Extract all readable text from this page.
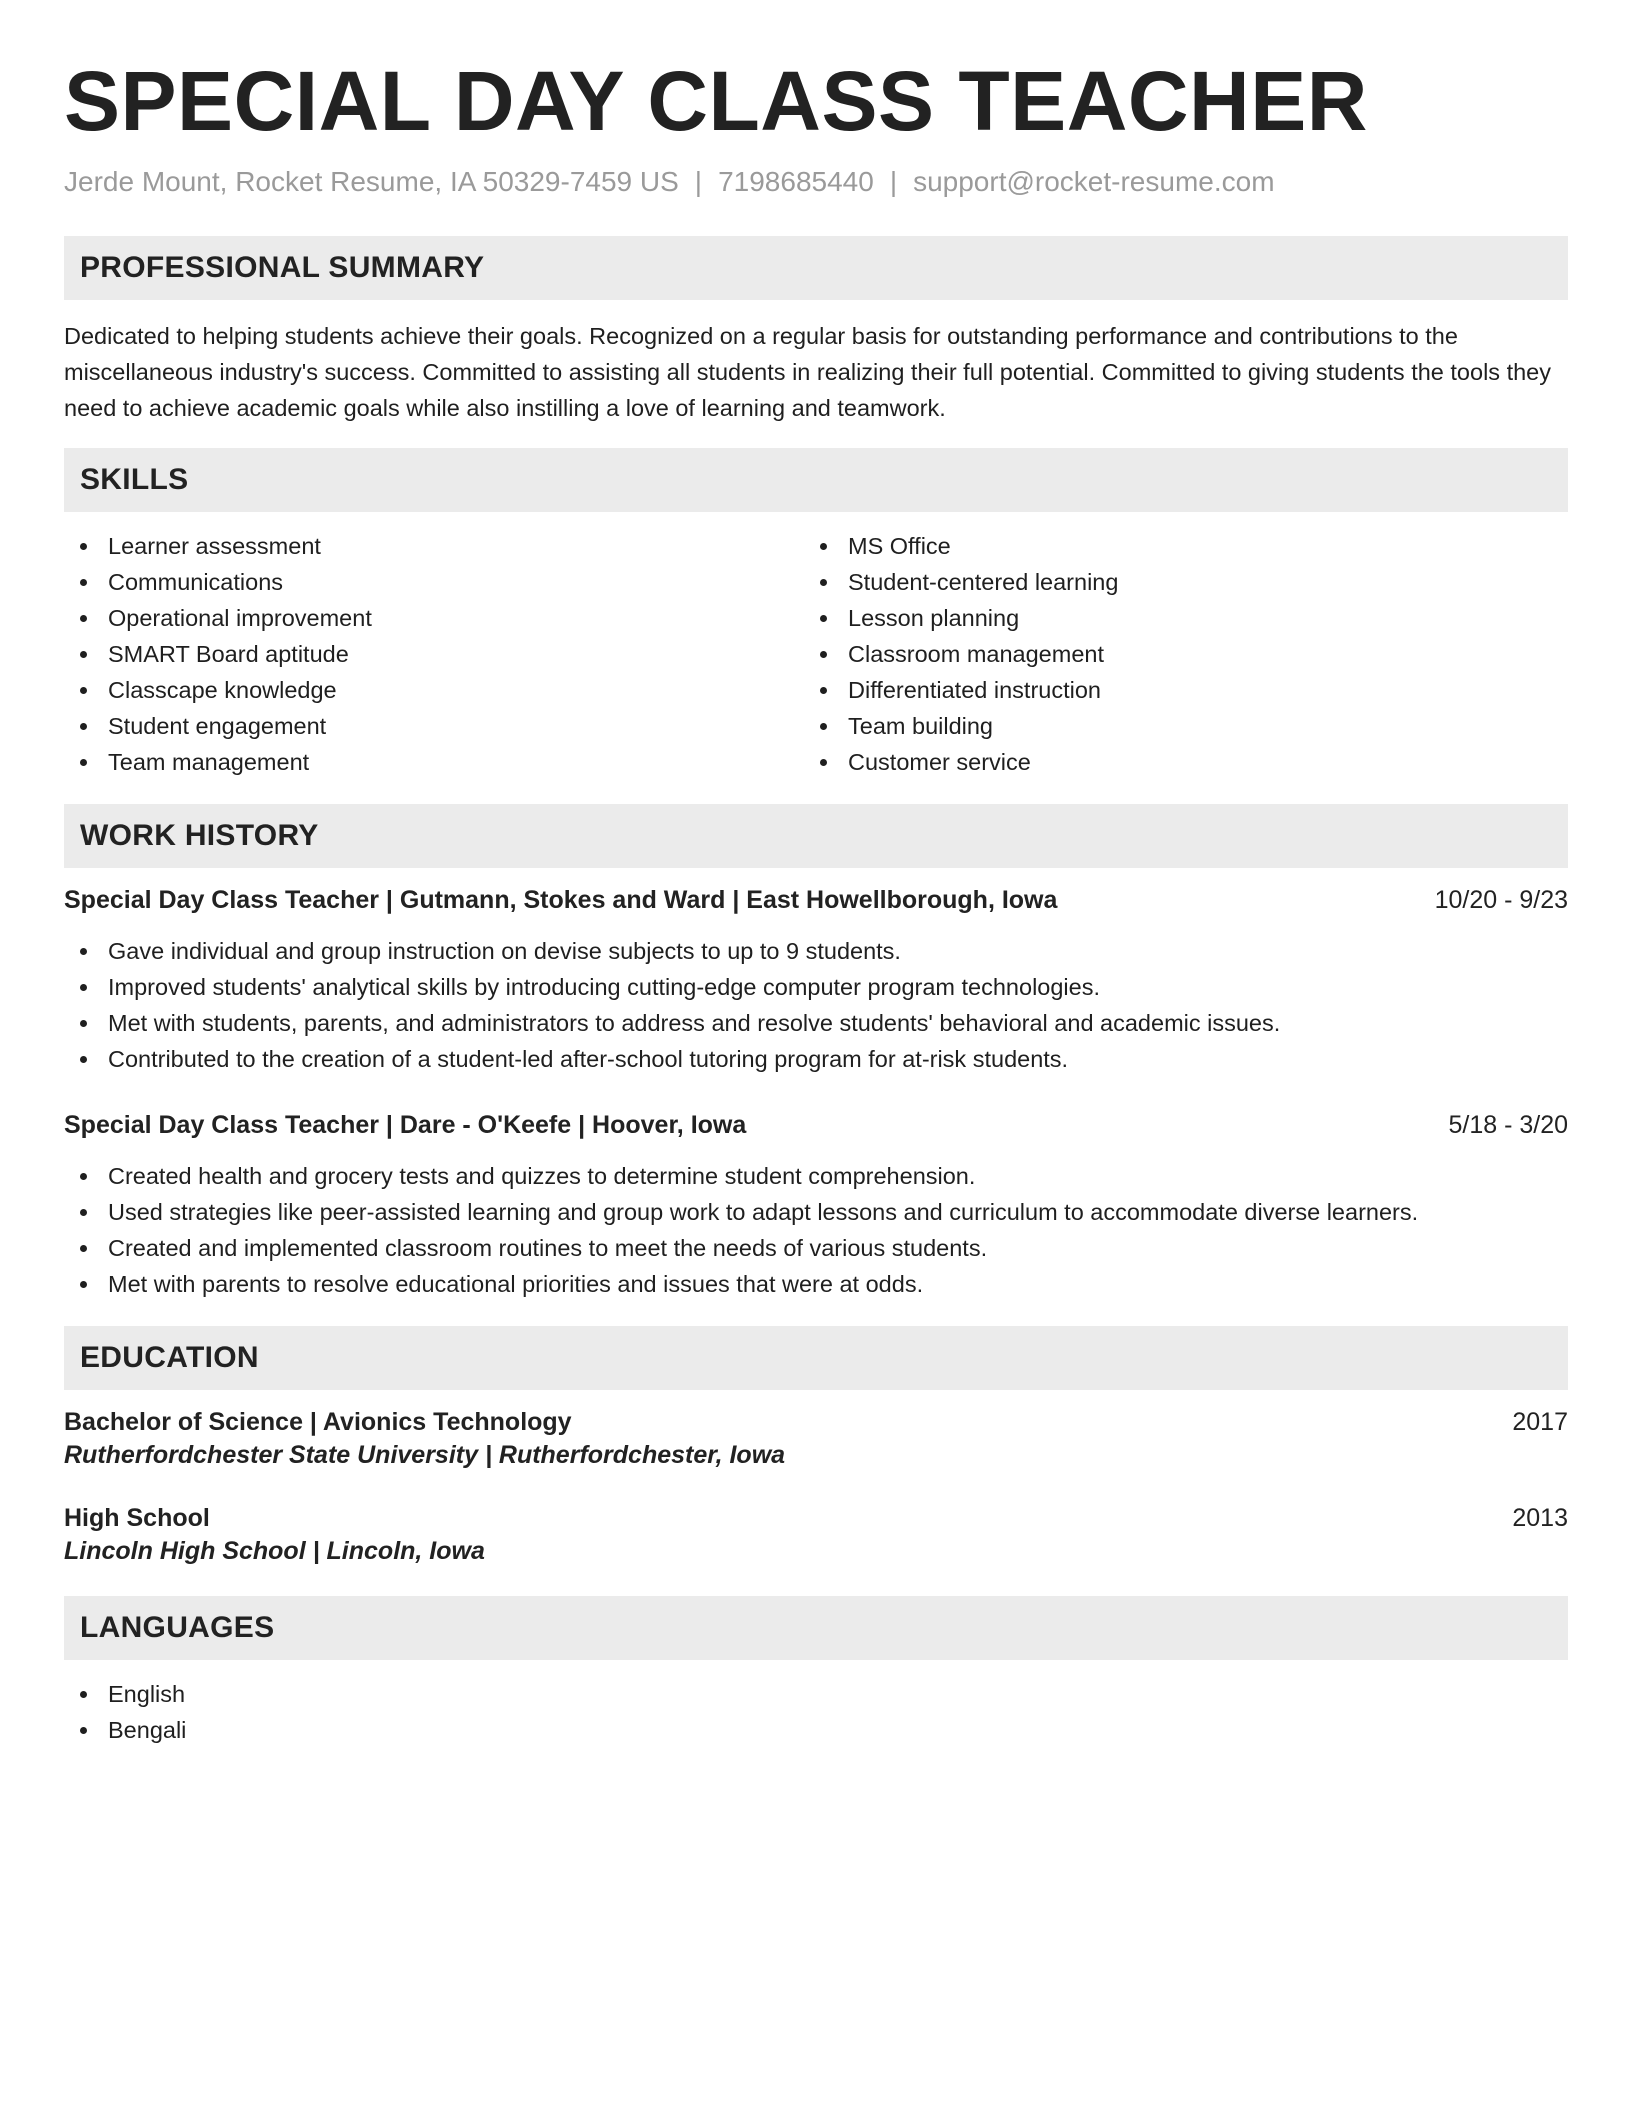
SPECIAL DAY CLASS TEACHER
Jerde Mount, Rocket Resume, IA 50329-7459 US | 7198685440 | support@rocket-resume.com
PROFESSIONAL SUMMARY

Dedicated to helping students achieve their goals. Recognized on a regular basis for outstanding performance and contributions to the miscellaneous industry's success. Committed to assisting all students in realizing their full potential. Committed to giving students the tools they need to achieve academic goals while also instilling a love of learning and teamwork.

SKILLS
Learner assessment
Communications
Operational improvement
SMART Board aptitude
Classcape knowledge
Student engagement
Team management
MS Office
Student-centered learning
Lesson planning
Classroom management
Differentiated instruction
Team building
Customer service
WORK HISTORY
Special Day Class Teacher | Gutmann, Stokes and Ward | East Howellborough, Iowa	10/20 - 9/23
Gave individual and group instruction on devise subjects to up to 9 students.
Improved students' analytical skills by introducing cutting-edge computer program technologies.
Met with students, parents, and administrators to address and resolve students' behavioral and academic issues.
Contributed to the creation of a student-led after-school tutoring program for at-risk students.
Special Day Class Teacher | Dare - O'Keefe | Hoover, Iowa	5/18 - 3/20
Created health and grocery tests and quizzes to determine student comprehension.
Used strategies like peer-assisted learning and group work to adapt lessons and curriculum to accommodate diverse learners.
Created and implemented classroom routines to meet the needs of various students.
Met with parents to resolve educational priorities and issues that were at odds.
EDUCATION
Bachelor of Science | Avionics Technology	2017
Rutherfordchester State University | Rutherfordchester, Iowa
High School	2013
Lincoln High School | Lincoln, Iowa
LANGUAGES
English
Bengali
